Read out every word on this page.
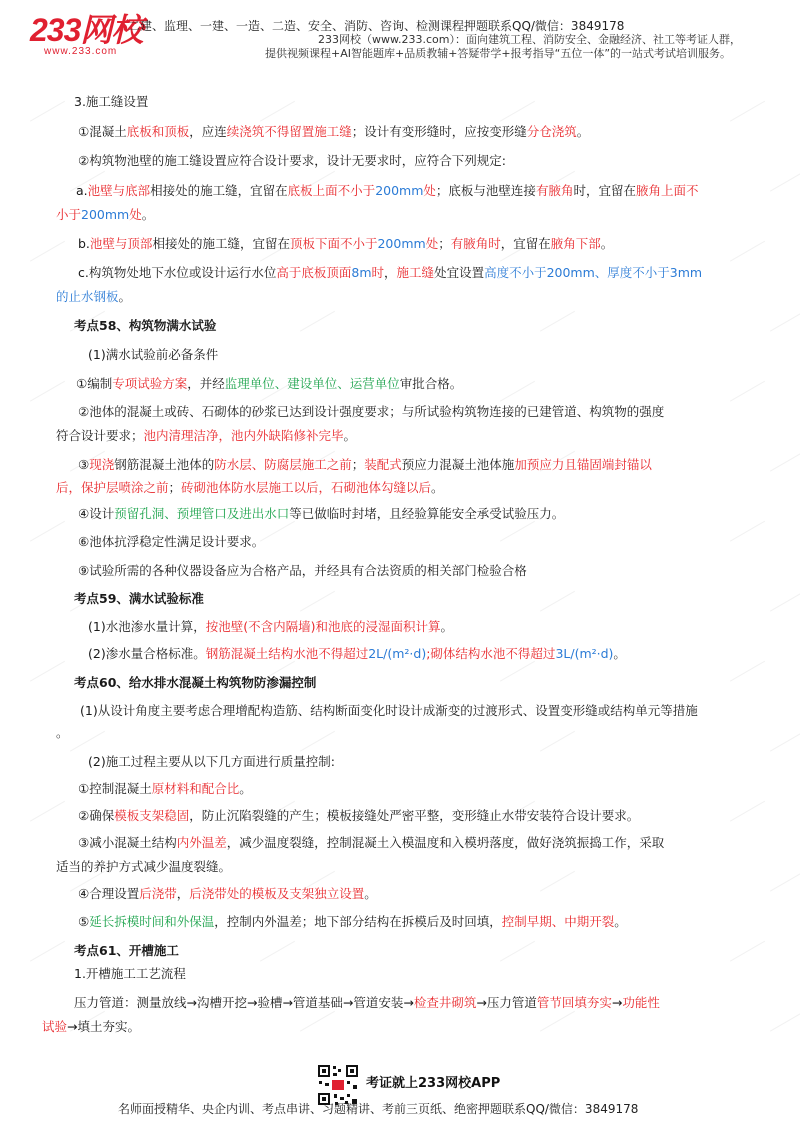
233网校
www.233.com
二建、监理、一建、一造、二造、安全、消防、咨询、检测课程押题联系QQ/微信：3849178
233网校（www.233.com）：面向建筑工程、消防安全、金融经济、社工等考证人群，
提供视频课程+AI智能题库+品质教辅+答疑带学+报考指导“五位一体”的一站式考试培训服务。
3.施工缝设置
①混凝土底板和顶板，应连续浇筑不得留置施工缝；设计有变形缝时，应按变形缝分仓浇筑。
②构筑物池壁的施工缝设置应符合设计要求，设计无要求时，应符合下列规定:
a.池壁与底部相接处的施工缝，宜留在底板上面不小于200mm处；底板与池壁连接有腋角时，宜留在腋角上面不
小于200mm处。
b.池壁与顶部相接处的施工缝，宜留在顶板下面不小于200mm处；有腋角时，宜留在腋角下部。
c.构筑物处地下水位或设计运行水位高于底板顶面8m时，施工缝处宜设置高度不小于200mm、厚度不小于3mm
的止水钢板。
考点58、构筑物满水试验
(1)满水试验前必备条件
①编制专项试验方案，并经监理单位、建设单位、运营单位审批合格。
②池体的混凝土或砖、石砌体的砂浆已达到设计强度要求；与所试验构筑物连接的已建管道、构筑物的强度
符合设计要求；池内清理洁净，池内外缺陷修补完毕。
③现浇钢筋混凝土池体的防水层、防腐层施工之前；装配式预应力混凝土池体施加预应力且锚固端封锚以
后，保护层喷涂之前；砖砌池体防水层施工以后，石砌池体勾缝以后。
④设计预留孔洞、预埋管口及进出水口等已做临时封堵，且经验算能安全承受试验压力。
⑥池体抗浮稳定性满足设计要求。
⑨试验所需的各种仪器设备应为合格产品，并经具有合法资质的相关部门检验合格
考点59、满水试验标准
(1)水池渗水量计算，按池壁(不含内隔墙)和池底的浸湿面积计算。
(2)渗水量合格标准。钢筋混凝土结构水池不得超过2L/(m²·d);砌体结构水池不得超过3L/(m²·d)。
考点60、给水排水混凝土构筑物防渗漏控制
(1)从设计角度主要考虑合理增配构造筋、结构断面变化时设计成渐变的过渡形式、设置变形缝或结构单元等措施
。
(2)施工过程主要从以下几方面进行质量控制:
①控制混凝土原材料和配合比。
②确保模板支架稳固，防止沉陷裂缝的产生；模板接缝处严密平整，变形缝止水带安装符合设计要求。
③减小混凝土结构内外温差，减少温度裂缝，控制混凝土入模温度和入模坍落度，做好浇筑振捣工作，采取
适当的养护方式减少温度裂缝。
④合理设置后浇带，后浇带处的模板及支架独立设置。
⑤延长拆模时间和外保温，控制内外温差；地下部分结构在拆模后及时回填，控制早期、中期开裂。
考点61、开槽施工
1.开槽施工工艺流程
压力管道：测量放线→沟槽开挖→验槽→管道基础→管道安装→检查井砌筑→压力管道管节回填夯实→功能性
试验→填土夯实。
考证就上233网校APP
名师面授精华、央企内训、考点串讲、习题精讲、考前三页纸、绝密押题联系QQ/微信：3849178
